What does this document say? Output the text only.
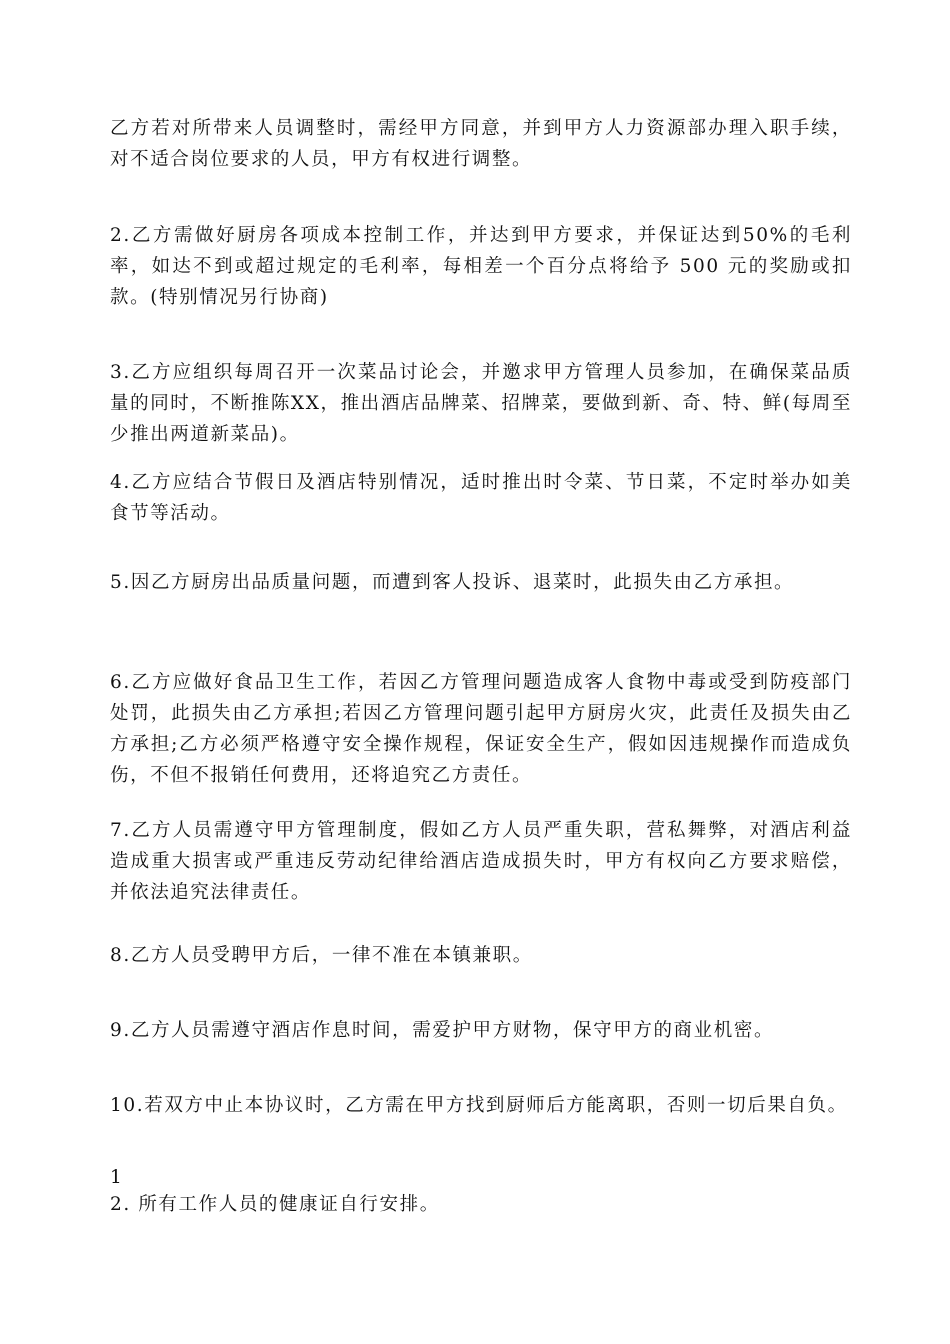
乙方若对所带来人员调整时，需经甲方同意，并到甲方人力资源部办理入职手续，对不适合岗位要求的人员，甲方有权进行调整。

2.乙方需做好厨房各项成本控制工作，并达到甲方要求，并保证达到50%的毛利率，如达不到或超过规定的毛利率，每相差一个百分点将给予 500 元的奖励或扣款。(特别情况另行协商)

3.乙方应组织每周召开一次菜品讨论会，并邀求甲方管理人员参加，在确保菜品质量的同时，不断推陈XX，推出酒店品牌菜、招牌菜，要做到新、奇、特、鲜(每周至少推出两道新菜品)。

4.乙方应结合节假日及酒店特别情况，适时推出时令菜、节日菜，不定时举办如美食节等活动。

5.因乙方厨房出品质量问题，而遭到客人投诉、退菜时，此损失由乙方承担。

6.乙方应做好食品卫生工作，若因乙方管理问题造成客人食物中毒或受到防疫部门处罚，此损失由乙方承担;若因乙方管理问题引起甲方厨房火灾，此责任及损失由乙方承担;乙方必须严格遵守安全操作规程，保证安全生产，假如因违规操作而造成负伤，不但不报销任何费用，还将追究乙方责任。

7.乙方人员需遵守甲方管理制度，假如乙方人员严重失职，营私舞弊，对酒店利益造成重大损害或严重违反劳动纪律给酒店造成损失时，甲方有权向乙方要求赔偿，并依法追究法律责任。

8.乙方人员受聘甲方后，一律不准在本镇兼职。

9.乙方人员需遵守酒店作息时间，需爱护甲方财物，保守甲方的商业机密。

10.若双方中止本协议时，乙方需在甲方找到厨师后方能离职，否则一切后果自负。

1

2. 所有工作人员的健康证自行安排。
